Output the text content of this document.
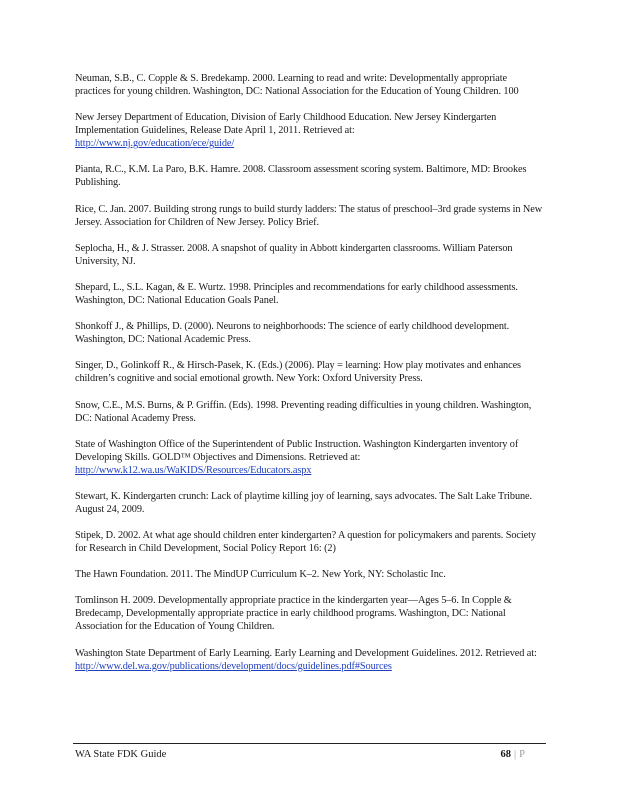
Neuman, S.B., C. Copple & S. Bredekamp. 2000. Learning to read and write: Developmentally appropriate practices for young children. Washington, DC: National Association for the Education of Young Children. 100

New Jersey Department of Education, Division of Early Childhood Education. New Jersey Kindergarten Implementation Guidelines, Release Date April 1, 2011. Retrieved at:
http://www.nj.gov/education/ece/guide/

Pianta, R.C., K.M. La Paro, B.K. Hamre. 2008. Classroom assessment scoring system. Baltimore, MD: Brookes Publishing.

Rice, C. Jan. 2007. Building strong rungs to build sturdy ladders: The status of preschool–3rd grade systems in New Jersey. Association for Children of New Jersey. Policy Brief.

Seplocha, H., & J. Strasser. 2008. A snapshot of quality in Abbott kindergarten classrooms. William Paterson University, NJ.

Shepard, L., S.L. Kagan, & E. Wurtz. 1998. Principles and recommendations for early childhood assessments. Washington, DC: National Education Goals Panel.

Shonkoff J., & Phillips, D. (2000). Neurons to neighborhoods: The science of early childhood development. Washington, DC: National Academic Press.

Singer, D., Golinkoff R., & Hirsch-Pasek, K. (Eds.) (2006). Play = learning: How play motivates and enhances children’s cognitive and social emotional growth. New York: Oxford University Press.

Snow, C.E., M.S. Burns, & P. Griffin. (Eds). 1998. Preventing reading difficulties in young children. Washington, DC: National Academy Press.

State of Washington Office of the Superintendent of Public Instruction. Washington Kindergarten inventory of Developing Skills. GOLD™ Objectives and Dimensions. Retrieved at:
http://www.k12.wa.us/WaKIDS/Resources/Educators.aspx

Stewart, K. Kindergarten crunch: Lack of playtime killing joy of learning, says advocates. The Salt Lake Tribune. August 24, 2009.

Stipek, D. 2002. At what age should children enter kindergarten? A question for policymakers and parents. Society for Research in Child Development, Social Policy Report 16: (2)

The Hawn Foundation. 2011. The MindUP Curriculum K–2. New York, NY: Scholastic Inc.

Tomlinson H. 2009. Developmentally appropriate practice in the kindergarten year—Ages 5–6. In Copple & Bredecamp, Developmentally appropriate practice in early childhood programs. Washington, DC: National Association for the Education of Young Children.

Washington State Department of Early Learning. Early Learning and Development Guidelines. 2012. Retrieved at: http://www.del.wa.gov/publications/development/docs/guidelines.pdf#Sources

WA State FDK Guide	68 | P
